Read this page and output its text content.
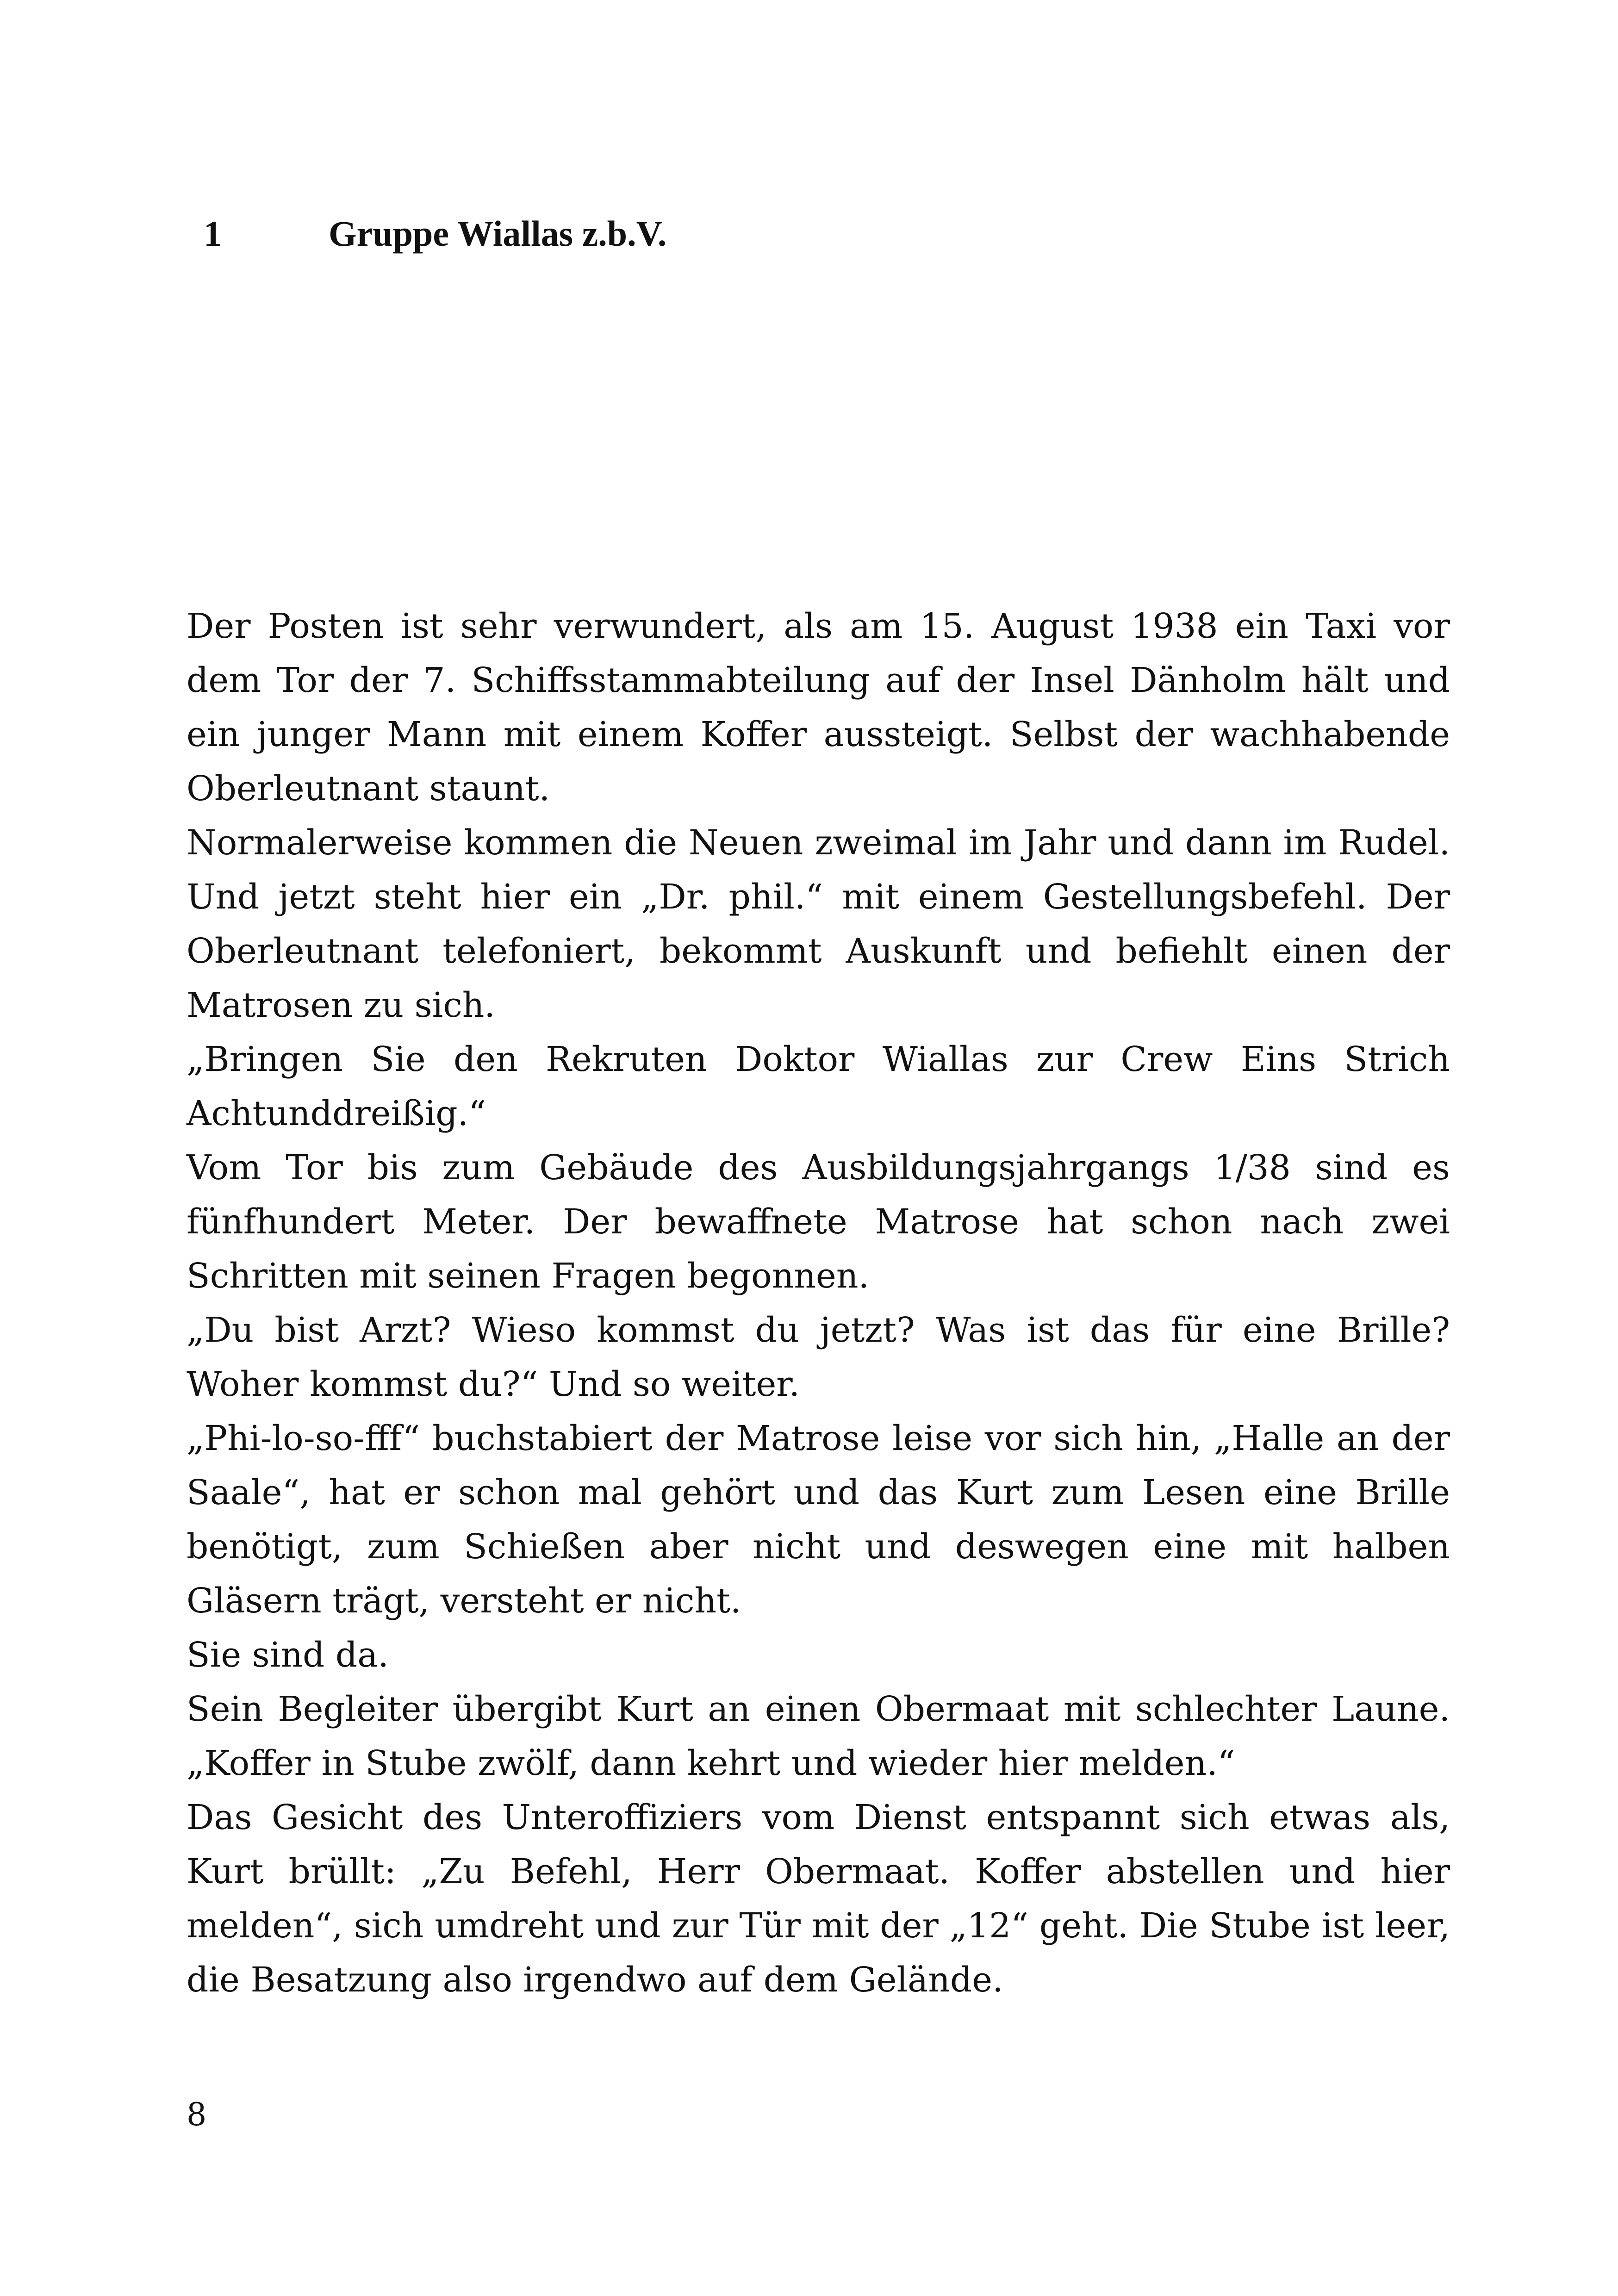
1	Gruppe Wiallas z.b.V.

Der Posten ist sehr verwundert, als am 15. August 1938 ein Taxi vor dem Tor der 7. Schiffsstammabteilung auf der Insel Dänholm hält und ein junger Mann mit einem Koffer aussteigt. Selbst der wachhabende Oberleutnant staunt.

Normalerweise kommen die Neuen zweimal im Jahr und dann im Rudel. Und jetzt steht hier ein „Dr. phil.“ mit einem Gestellungsbefehl. Der Oberleutnant telefoniert, bekommt Auskunft und befiehlt einen der Matrosen zu sich.

„Bringen Sie den Rekruten Doktor Wiallas zur Crew Eins Strich Achtunddreißig.“

Vom Tor bis zum Gebäude des Ausbildungsjahrgangs 1/38 sind es fünfhundert Meter. Der bewaffnete Matrose hat schon nach zwei Schritten mit seinen Fragen begonnen.

„Du bist Arzt? Wieso kommst du jetzt? Was ist das für eine Brille? Woher kommst du?“ Und so weiter.

„Phi-lo-so-fff“ buchstabiert der Matrose leise vor sich hin, „Halle an der Saale“, hat er schon mal gehört und das Kurt zum Lesen eine Brille benötigt, zum Schießen aber nicht und deswegen eine mit halben Gläsern trägt, versteht er nicht.

Sie sind da.

Sein Begleiter übergibt Kurt an einen Obermaat mit schlechter Laune. „Koffer in Stube zwölf, dann kehrt und wieder hier melden.“

Das Gesicht des Unteroffiziers vom Dienst entspannt sich etwas als, Kurt brüllt: „Zu Befehl, Herr Obermaat. Koffer abstellen und hier melden“, sich umdreht und zur Tür mit der „12“ geht. Die Stube ist leer, die Besatzung also irgendwo auf dem Gelände.

8
